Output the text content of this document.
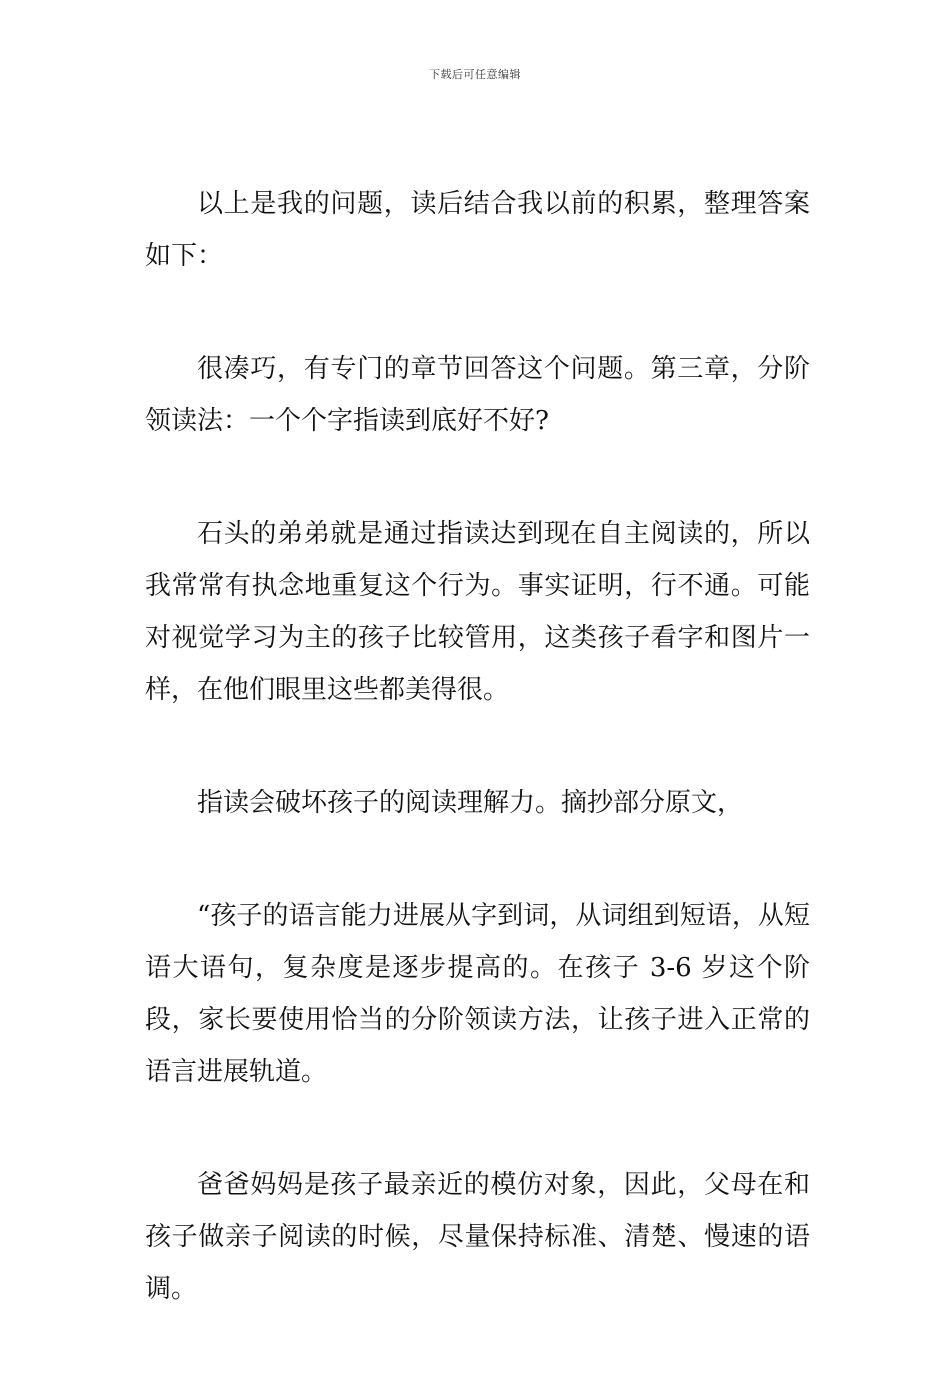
下载后可任意编辑

以上是我的问题，读后结合我以前的积累，整理答案如下：

很凑巧，有专门的章节回答这个问题。第三章，分阶领读法：一个个字指读到底好不好?

石头的弟弟就是通过指读达到现在自主阅读的，所以我常常有执念地重复这个行为。事实证明，行不通。可能对视觉学习为主的孩子比较管用，这类孩子看字和图片一样，在他们眼里这些都美得很。

指读会破坏孩子的阅读理解力。摘抄部分原文，

“孩子的语言能力进展从字到词，从词组到短语，从短语大语句，复杂度是逐步提高的。在孩子 3-6 岁这个阶段，家长要使用恰当的分阶领读方法，让孩子进入正常的语言进展轨道。

爸爸妈妈是孩子最亲近的模仿对象，因此，父母在和孩子做亲子阅读的时候，尽量保持标准、清楚、慢速的语调。
